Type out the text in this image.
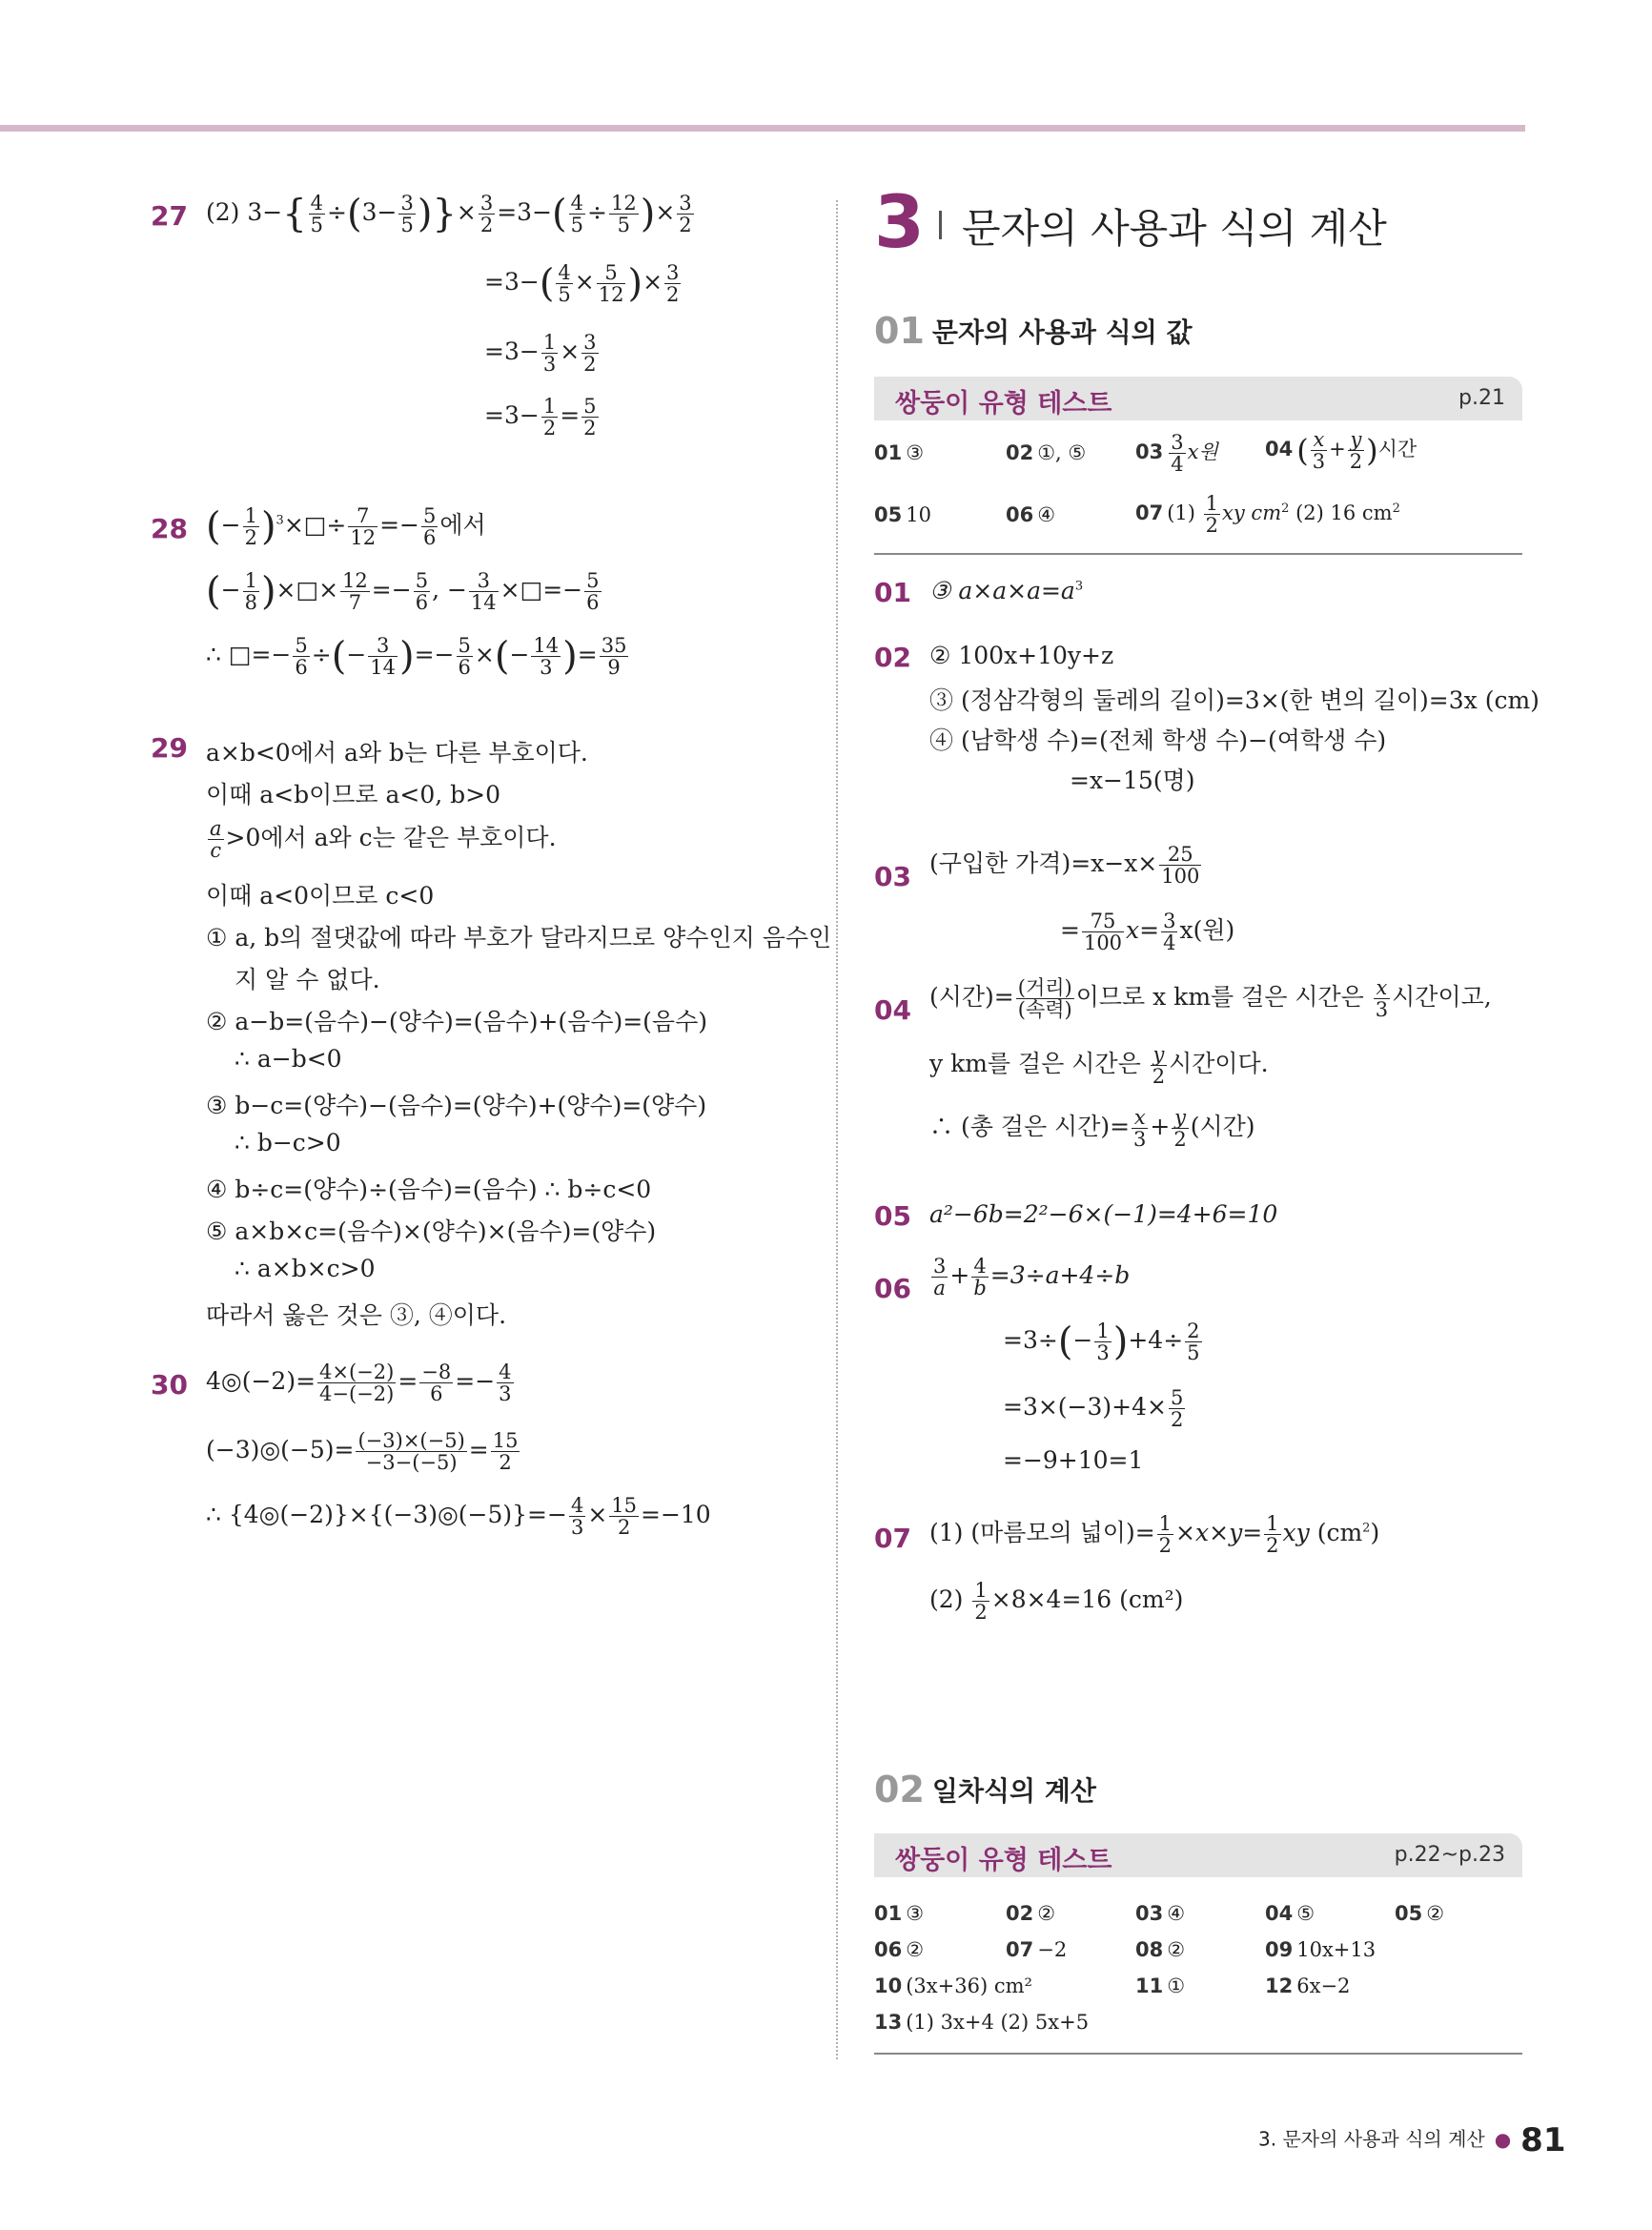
27 (2) $3-\{ \frac{4}{5} \div(3- \frac{3}{5}$ )}× $\frac{3}{2} =3-( \frac{4}{5} \div \frac{12}{5}$ )× $\frac{3}{2}$
$=3-( \frac{4}{5} \times \frac{5}{12}$ )× $\frac{3}{2}$
$=3- \frac{1}{3} \times \frac{3}{2}$
$=3- \frac{1}{2} = \frac{5}{2}$
28 (− $\frac{1}{2}$ )$^3$×□÷ $\frac{7}{12} =- \frac{5}{6}$ 에서
(− $\frac{1}{8}$ )×□× $\frac{12}{7} =- \frac{5}{6}$ , − $\frac{3}{14}$ ×□=− $\frac{5}{6}$
∴ □=− $\frac{5}{6}$ ÷(− $\frac{3}{14}$ )=− $\frac{5}{6}$ ×(− $\frac{14}{3}$ )= $\frac{35}{9}$
29 a×b<0에서 a와 b는 다른 부호이다.
이때 a<b이므로 a<0, b>0
$\frac{a}{c} >0$에서 a와 c는 같은 부호이다.
이때 a<0이므로 c<0
① a, b의 절댓값에 따라 부호가 달라지므로 양수인지 음수인
지 알 수 없다.
② a−b=(음수)−(양수)=(음수)+(음수)=(음수)
∴ a−b<0
③ b−c=(양수)−(음수)=(양수)+(양수)=(양수)
∴ b−c>0
④ b÷c=(양수)÷(음수)=(음수) ∴ b÷c<0
⑤ a×b×c=(음수)×(양수)×(음수)=(양수)
∴ a×b×c>0
따라서 옳은 것은 ③, ④이다.
30 4◎(−2)= $\frac{4\times(-2)}{4-(-2)} = \frac{-8}{6} =- \frac{4}{3}$
(−3)◎(−5)= $\frac{(-3)\times(-5)}{-3-(-5)} = \frac{15}{2}$
∴ {4◎(−2)}×{(−3)◎(−5)}=− $\frac{4}{3} \times \frac{15}{2} =-10$
3 문자의 사용과 식의 계산
01 문자의 사용과 식의 값
쌍둥이 유형 테스트	p.21
01 ③	02 ①, ⑤ $03 \frac{3}{4}$ x원 04 ( $\frac{x}{3} + \frac{y}{2}$ )시간
05 10	06 ④	07 $(1) \frac{1}{2}$ xy $cm^2$ (2) 16 $cm^2$
01 ③ $a\times a\times a=a^3$
02 ② 100x+10y+z
③ (정삼각형의 둘레의 길이)=3×(한 변의 길이)=3x (cm)
④ (남학생 수)=(전체 학생 수)−(여학생 수)
=x−15(명)
03 (구입한 가격)$=x-x\times \frac{25}{100}$
= $\frac{75}{100} x= \frac{3}{4} x$(원)
04 (시간)= (거리)
(속력) 이므로 x km를 걸은 시간은 $\frac{x}{3}$ 시간이고,
y km를 걸은 시간은 $\frac{y}{2}$ 시간이다.
∴ (총 걸은 시간)= $\frac{x}{3} + \frac{y}{2}$ (시간)
05 a²−6b=2²−6×(−1)=4+6=10
$06 \frac{3}{a} + \frac{4}{b} =3\div a+4\div b$
$=3\div(- \frac{1}{3} )+4\div \frac{2}{5}$
$=3\times(-3)+4\times \frac{5}{2}$
=−9+10=1
07 (1) (마름모의 넓이)= $\frac{1}{2} \times x\times y= \frac{1}{2}$ xy $(cm^2)$
$(2) \frac{1}{2} \times 8\times 4=16$ (cm²)
02 일차식의 계산
쌍둥이 유형 테스트	p.22~p.23
01 ③	02 ②	03 ④	04 ⑤	05 ②
06 ②	07 −2	08 ②	09 10x+13
10 (3x+36) cm²	11 ①	12 6x−2
13 (1) 3x+4 (2) 5x+5
3. 문자의 사용과 식의 계산 ● 81
